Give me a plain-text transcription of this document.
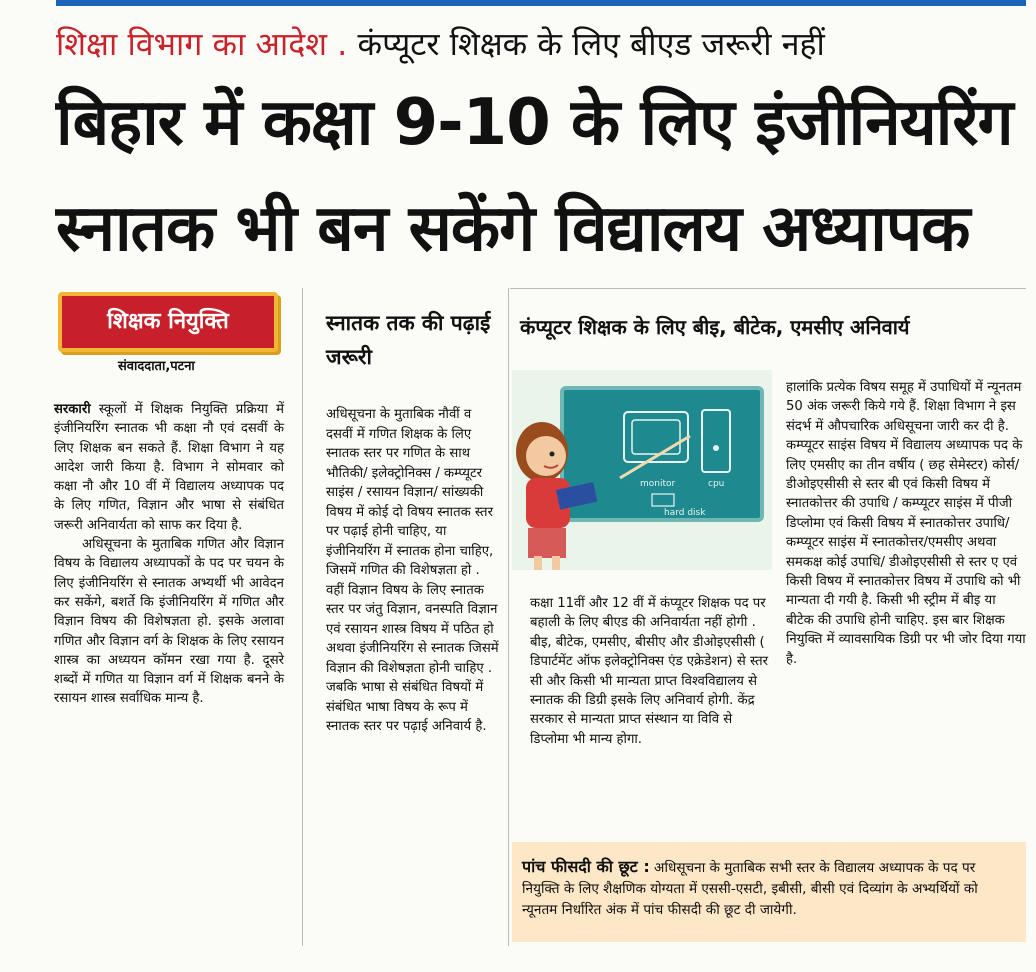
शिक्षा विभाग का आदेश . कंप्यूटर शिक्षक के लिए बीएड जरूरी नहीं
बिहार में कक्षा 9-10 के लिए इंजीनियरिंग
स्नातक भी बन सकेंगे विद्यालय अध्यापक
शिक्षक नियुक्ति
संवाददाता,पटना

सरकारी स्कूलों में शिक्षक नियुक्ति प्रक्रिया में इंजीनियरिंग स्नातक भी कक्षा नौ एवं दसवीं के लिए शिक्षक बन सकते हैं. शिक्षा विभाग ने यह आदेश जारी किया है. विभाग ने सोमवार को कक्षा नौ और 10 वीं में विद्यालय अध्यापक पद के लिए गणित, विज्ञान और भाषा से संबंधित जरूरी अनिवार्यता को साफ कर दिया है.

अधिसूचना के मुताबिक गणित और विज्ञान विषय के विद्यालय अध्यापकों के पद पर चयन के लिए इंजीनियरिंग से स्नातक अभ्यर्थी भी आवेदन कर सकेंगे, बशर्ते कि इंजीनियरिंग में गणित और विज्ञान विषय की विशेषज्ञता हो. इसके अलावा गणित और विज्ञान वर्ग के शिक्षक के लिए रसायन शास्त्र का अध्ययन कॉमन रखा गया है. दूसरे शब्दों में गणित या विज्ञान वर्ग में शिक्षक बनने के रसायन शास्त्र सर्वाधिक मान्य है.

स्नातक तक की पढ़ाई जरूरी

अधिसूचना के मुताबिक नौवीं व दसवीं में गणित शिक्षक के लिए स्नातक स्तर पर गणित के साथ भौतिकी/ इलेक्ट्रोनिक्स / कम्प्यूटर साइंस / रसायन विज्ञान/ सांख्यकी विषय में कोई दो विषय स्नातक स्तर पर पढ़ाई होनी चाहिए, या इंजीनियरिंग में स्नातक होना चाहिए, जिसमें गणित की विशेषज्ञता हो . वहीं विज्ञान विषय के लिए स्नातक स्तर पर जंतु विज्ञान, वनस्पति विज्ञान एवं रसायन शास्त्र विषय में पठित हो अथवा इंजीनियरिंग से स्नातक जिसमें विज्ञान की विशेषज्ञता होनी चाहिए . जबकि भाषा से संबंधित विषयों में संबंधित भाषा विषय के रूप में स्नातक स्तर पर पढ़ाई अनिवार्य है.

कंप्यूटर शिक्षक के लिए बीइ, बीटेक, एमसीए अनिवार्य
monitor	cpu
hard disk

कक्षा 11वीं और 12 वीं में कंप्यूटर शिक्षक पद पर बहाली के लिए बीएड की अनिवार्यता नहीं होगी . बीइ, बीटेक, एमसीए, बीसीए और डीओइएसीसी ( डिपार्टमेंट ऑफ इलेक्ट्रोनिक्स एंड एक्रेडेशन) से स्तर सी और किसी भी मान्यता प्राप्त विश्वविद्यालय से स्नातक की डिग्री इसके लिए अनिवार्य होगी. केंद्र सरकार से मान्यता प्राप्त संस्थान या विवि से डिप्लोमा भी मान्य होगा.

हालांकि प्रत्येक विषय समूह में उपाधियों में न्यूनतम 50 अंक जरूरी किये गये हैं. शिक्षा विभाग ने इस संदर्भ में औपचारिक अधिसूचना जारी कर दी है. कम्प्यूटर साइंस विषय में विद्यालय अध्यापक पद के लिए एमसीए का तीन वर्षीय ( छह सेमेस्टर) कोर्स/ डीओइएसीसी से स्तर बी एवं किसी विषय में स्नातकोत्तर की उपाधि / कम्प्यूटर साइंस में पीजी डिप्लोमा एवं किसी विषय में स्नातकोत्तर उपाधि/ कम्प्यूटर साइंस में स्नातकोत्तर/एमसीए अथवा समकक्ष कोई उपाधि/ डीओइएसीसी से स्तर ए एवं किसी विषय में स्नातकोत्तर विषय में उपाधि को भी मान्यता दी गयी है. किसी भी स्ट्रीम में बीइ या बीटेक की उपाधि होनी चाहिए. इस बार शिक्षक नियुक्ति में व्यावसायिक डिग्री पर भी जोर दिया गया है.

पांच फीसदी की छूट : अधिसूचना के मुताबिक सभी स्तर के विद्यालय अध्यापक के पद पर नियुक्ति के लिए शैक्षणिक योग्यता में एससी-एसटी, इबीसी, बीसी एवं दिव्यांग के अभ्यर्थियों को न्यूनतम निर्धारित अंक में पांच फीसदी की छूट दी जायेगी.
